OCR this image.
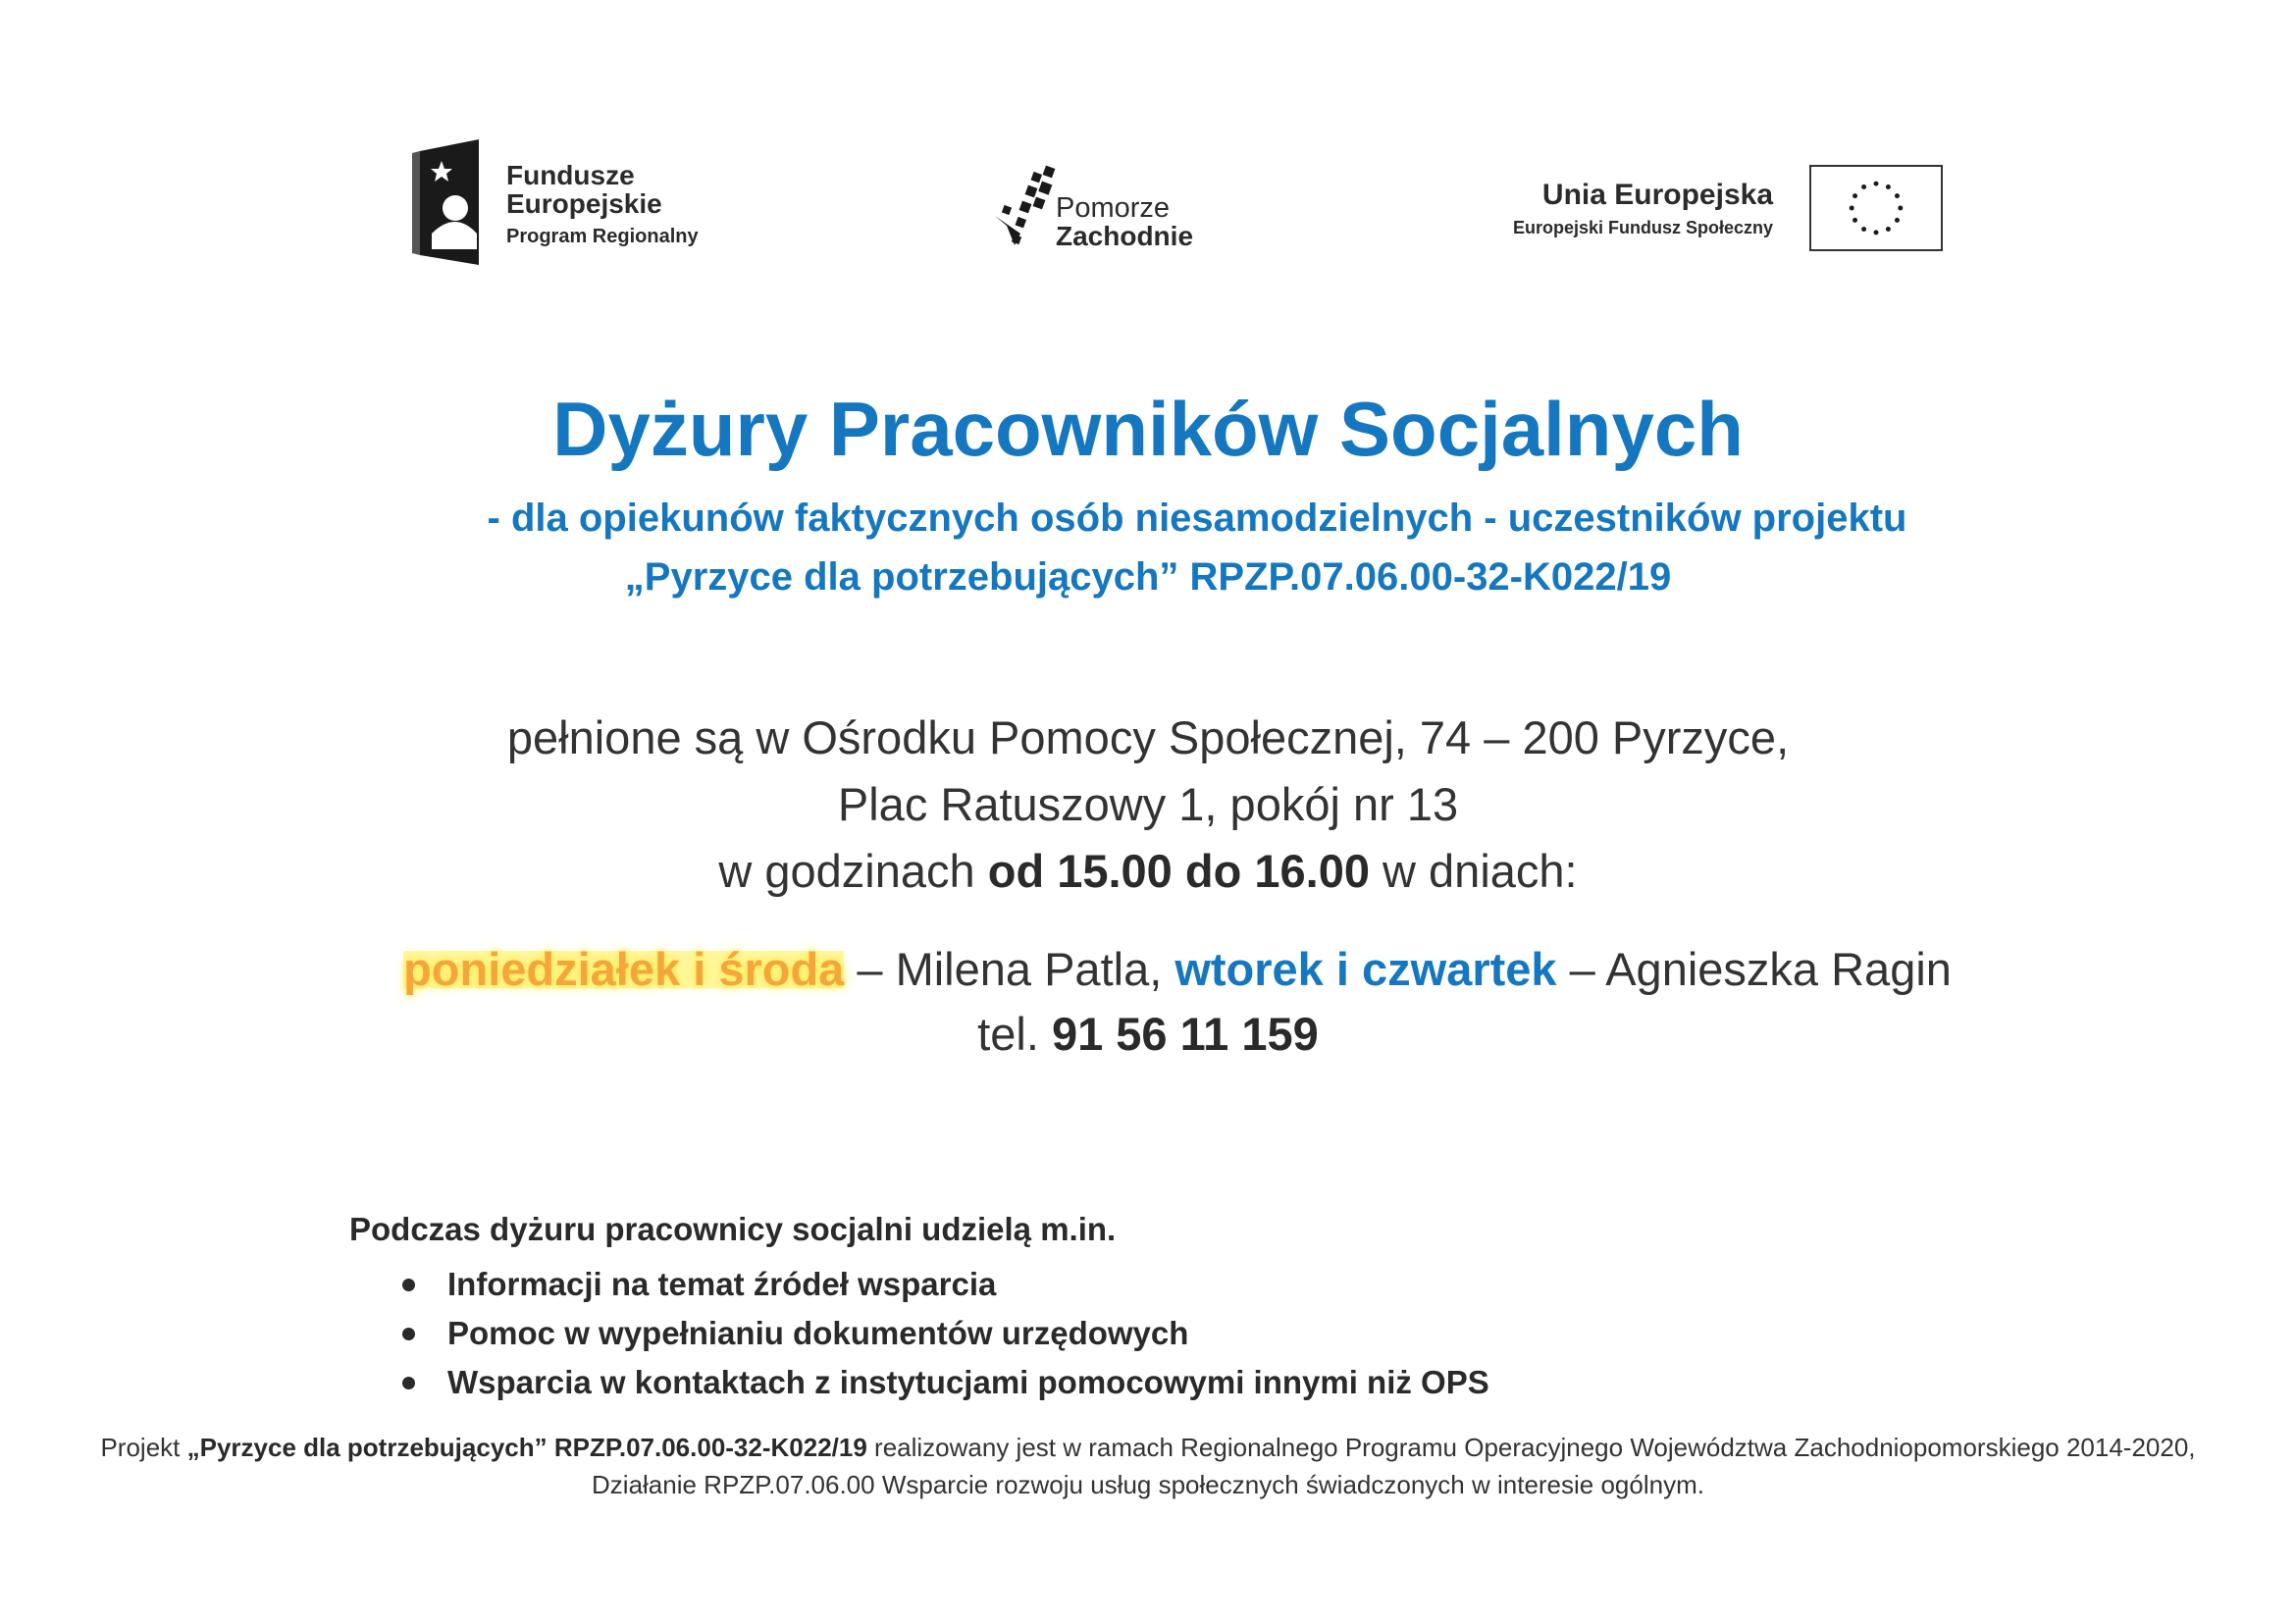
Fundusze
Europejskie
Program Regionalny
Pomorze
Zachodnie
Unia Europejska
Europejski Fundusz Społeczny
Dyżury Pracowników Socjalnych

- dla opiekunów faktycznych osób niesamodzielnych - uczestników projektu

„Pyrzyce dla potrzebujących” RPZP.07.06.00-32-K022/19

pełnione są w Ośrodku Pomocy Społecznej, 74 – 200 Pyrzyce,

Plac Ratuszowy 1, pokój nr 13

w godzinach od 15.00 do 16.00 w dniach:

poniedziałek i środa – Milena Patla, wtorek i czwartek – Agnieszka Ragin

tel. 91 56 11 159

Podczas dyżuru pracownicy socjalni udzielą m.in.

Informacji na temat źródeł wsparcia
Pomoc w wypełnianiu dokumentów urzędowych
Wsparcia w kontaktach z instytucjami pomocowymi innymi niż OPS

Projekt „Pyrzyce dla potrzebujących” RPZP.07.06.00-32-K022/19 realizowany jest w ramach Regionalnego Programu Operacyjnego Województwa Zachodniopomorskiego 2014-2020, Działanie RPZP.07.06.00 Wsparcie rozwoju usług społecznych świadczonych w interesie ogólnym.
